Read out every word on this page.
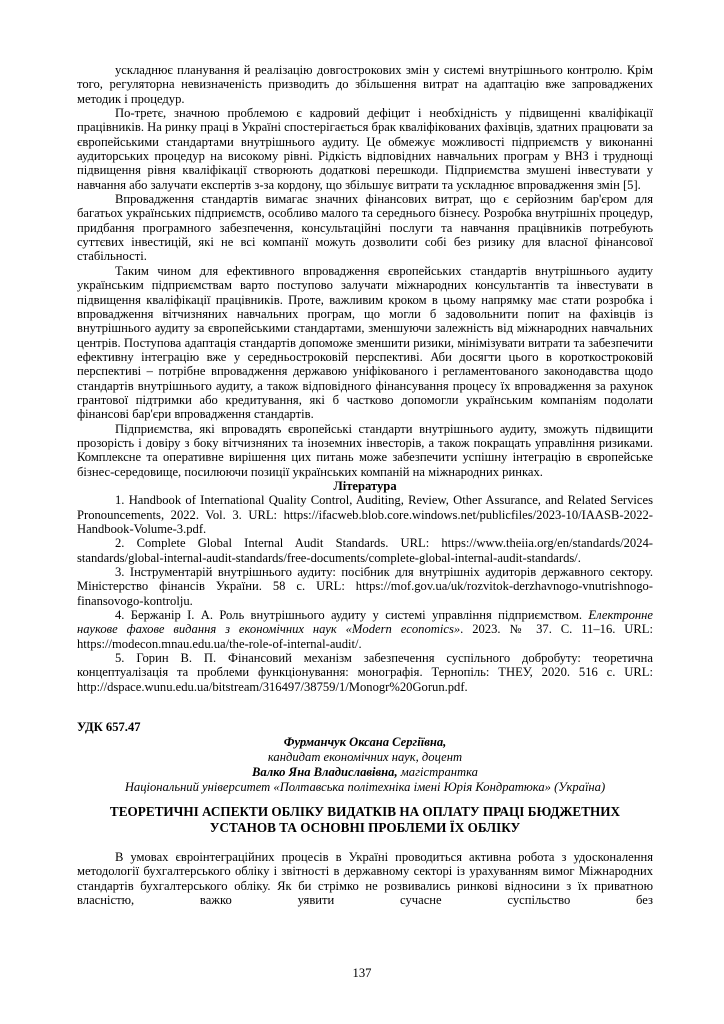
ускладнює планування й реалізацію довгострокових змін у системі внутрішнього контролю. Крім того, регуляторна невизначеність призводить до збільшення витрат на адаптацію вже запроваджених методик і процедур.

По-третє, значною проблемою є кадровий дефіцит і необхідність у підвищенні кваліфікації працівників. На ринку праці в Україні спостерігається брак кваліфікованих фахівців, здатних працювати за європейськими стандартами внутрішнього аудиту. Це обмежує можливості підприємств у виконанні аудиторських процедур на високому рівні. Рідкість відповідних навчальних програм у ВНЗ і труднощі підвищення рівня кваліфікації створюють додаткові перешкоди. Підприємства змушені інвестувати у навчання або залучати експертів з-за кордону, що збільшує витрати та ускладнює впровадження змін [5].

Впровадження стандартів вимагає значних фінансових витрат, що є серйозним бар'єром для багатьох українських підприємств, особливо малого та середнього бізнесу. Розробка внутрішніх процедур, придбання програмного забезпечення, консультаційні послуги та навчання працівників потребують суттєвих інвестицій, які не всі компанії можуть дозволити собі без ризику для власної фінансової стабільності.

Таким чином для ефективного впровадження європейських стандартів внутрішнього аудиту українським підприємствам варто поступово залучати міжнародних консультантів та інвестувати в підвищення кваліфікації працівників. Проте, важливим кроком в цьому напрямку має стати розробка і впровадження вітчизняних навчальних програм, що могли б задовольнити попит на фахівців із внутрішнього аудиту за європейськими стандартами, зменшуючи залежність від міжнародних навчальних центрів. Поступова адаптація стандартів допоможе зменшити ризики, мінімізувати витрати та забезпечити ефективну інтеграцію вже у середньостроковій перспективі. Аби досягти цього в короткостроковій перспективі – потрібне впровадження державою уніфікованого і регламентованого законодавства щодо стандартів внутрішнього аудиту, а також відповідного фінансування процесу їх впровадження за рахунок грантової підтримки або кредитування, які б частково допомогли українським компаніям подолати фінансові бар'єри впровадження стандартів.

Підприємства, які впровадять європейські стандарти внутрішнього аудиту, зможуть підвищити прозорість і довіру з боку вітчизняних та іноземних інвесторів, а також покращать управління ризиками. Комплексне та оперативне вирішення цих питань може забезпечити успішну інтеграцію в європейське бізнес-середовище, посилюючи позиції українських компаній на міжнародних ринках.

Література

1. Handbook of International Quality Control, Auditing, Review, Other Assurance, and Related Services Pronouncements, 2022. Vol. 3. URL: https://ifacweb.blob.core.windows.net/publicfiles/2023-10/IAASB-2022-Handbook-Volume-3.pdf.

2. Complete Global Internal Audit Standards. URL: https://www.theiia.org/en/standards/2024-standards/global-internal-audit-standards/free-documents/complete-global-internal-audit-standards/.

3. Інструментарій внутрішнього аудиту: посібник для внутрішніх аудиторів державного сектору. Міністерство фінансів України. 58 с. URL: https://mof.gov.ua/uk/rozvitok-derzhavnogo-vnutrishnogo-finansovogo-kontrolju.

4. Бержанір І. А. Роль внутрішнього аудиту у системі управління підприємством. Електронне наукове фахове видання з економічних наук «Modern economics». 2023. № 37. С. 11–16. URL: https://modecon.mnau.edu.ua/the-role-of-internal-audit/.

5. Горин В. П. Фінансовий механізм забезпечення суспільного добробуту: теоретична концептуалізація та проблеми функціонування: монографія. Тернопіль: ТНЕУ, 2020. 516 с. URL: http://dspace.wunu.edu.ua/bitstream/316497/38759/1/Monogr%20Gorun.pdf.

УДК 657.47

Фурманчук Оксана Сергіївна,
кандидат економічних наук, доцент
Валко Яна Владиславівна, магістрантка
Національний університет «Полтавська політехніка імені Юрія Кондратюка» (Україна)
ТЕОРЕТИЧНІ АСПЕКТИ ОБЛІКУ ВИДАТКІВ НА ОПЛАТУ ПРАЦІ БЮДЖЕТНИХ УСТАНОВ ТА ОСНОВНІ ПРОБЛЕМИ ЇХ ОБЛІКУ

В умовах євроінтеграційних процесів в Україні проводиться активна робота з удосконалення методології бухгалтерського обліку і звітності в державному секторі із урахуванням вимог Міжнародних стандартів бухгалтерського обліку. Як би стрімко не розвивались ринкові відносини з їх приватною власністю, важко уявити сучасне суспільство без

137
